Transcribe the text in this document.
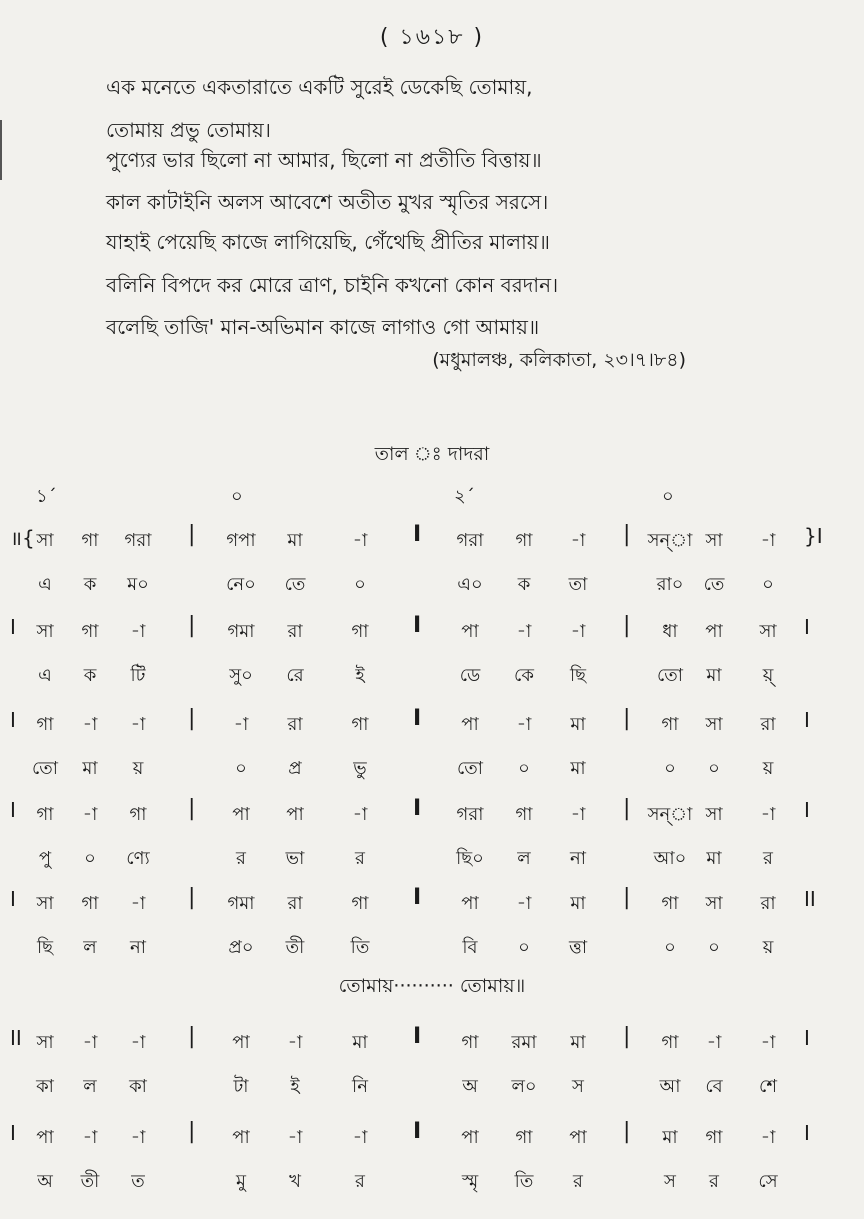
( ১৬১৮ )
এক মনেতে একতারাতে একটি সুরেই ডেকেছি তোমায়,
তোমায় প্রভু তোমায়।
পুণ্যের ভার ছিলো না আমার, ছিলো না প্রতীতি বিত্তায়॥
কাল কাটাইনি অলস আবেশে অতীত মুখর স্মৃতির সরসে।
যাহাই পেয়েছি কাজে লাগিয়েছি, গেঁথেছি প্রীতির মালায়॥
বলিনি বিপদে কর মোরে ত্রাণ, চাইনি কখনো কোন বরদান।
বলেছি তাজি' মান-অভিমান কাজে লাগাও গো আমায়॥
(মধুমালঞ্চ, কলিকাতা, ২৩।৭।৮৪)
তাল ঃ দাদরা
১´	০	২´	০
॥{	}I
|	I	|
সা	গা	গরা	গপা	মা	-া	গরা	গা	-া	সন্‌া সা	-া
এ	ক	ম০	নে০	তে	০	এ০	ক	তা	রা০	তে	০
I	I
|	I	|
সা	গা	-া	গমা	রা	গা	পা	-া	-া	ধা	পা	সা
এ	ক	টি	সু০	রে	ই	ডে	কে	ছি	তো	মা	য়্
I	I
|	I	|
গা	-া	-া	-া	রা	গা	পা	-া	মা	গা	সা	রা
তো	মা	য়	০	প্র	ভু	তো	০	মা	০	০	য়
I	I
|	I	|
গা	-া	গা	পা	পা	-া	গরা	গা	-া	সন্‌া সা	-া
পু	০	ণ্যে	র	ভা	র	ছি০	ল	না	আ০	মা	র
I	II
|	I	|
সা	গা	-া	গমা	রা	গা	পা	-া	মা	গা	সা	রা
ছি	ল	না	প্র০	তী	তি	বি	০	ত্তা	০	০	য়
II	I
|	I	|
সা	-া	-া	পা	-া	মা	গা	রমা	মা	গা	-া	-া
কা	ল	কা	টা	ই	নি	অ	ল০	স	আ	বে	শে
I	I
|	I	|
পা	-া	-া	পা	-া	-া	পা	গা	পা	মা	গা	-া
অ	তী	ত	মু	খ	র	স্মৃ	তি	র	স	র	সে
তোমায়·········· তোমায়॥
